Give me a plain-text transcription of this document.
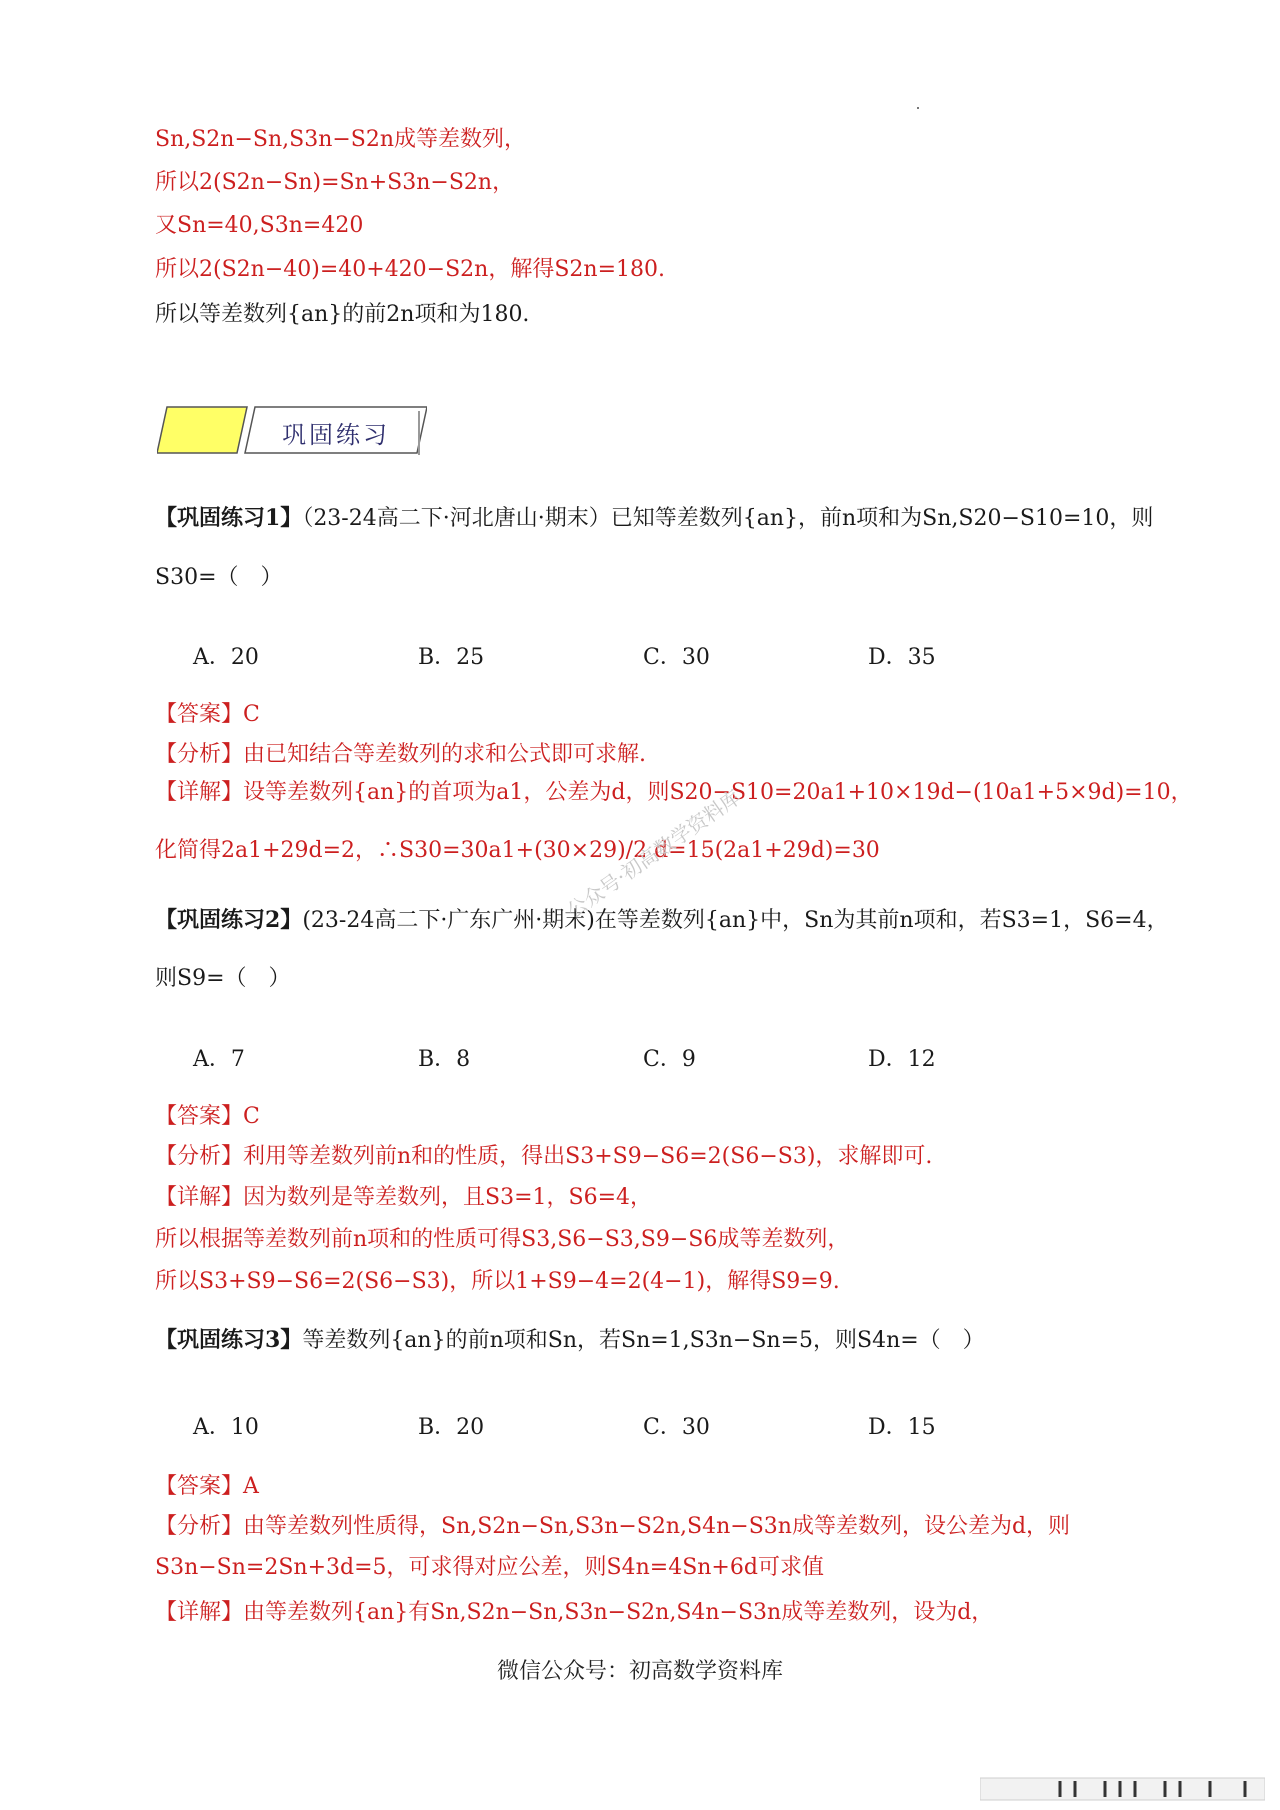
Sn,S2n−Sn,S3n−S2n成等差数列，
所以2(S2n−Sn)=Sn+S3n−S2n，
又Sn=40,S3n=420
所以2(S2n−40)=40+420−S2n，解得S2n=180.
所以等差数列{an}的前2n项和为180.
巩固练习
【巩固练习1】（23-24高二下·河北唐山·期末）已知等差数列{an}，前n项和为Sn,S20−S10=10，则
S30=（　）
A．20	B．25	C．30	D．35
【答案】C
【分析】由已知结合等差数列的求和公式即可求解.
【详解】设等差数列{an}的首项为a1，公差为d，则S20−S10=20a1+10×19d−(10a1+5×9d)=10，
化简得2a1+29d=2，∴S30=30a1+(30×29)/2 d=15(2a1+29d)=30
【巩固练习2】(23-24高二下·广东广州·期末)在等差数列{an}中，Sn为其前n项和，若S3=1，S6=4，
则S9=（　）
A．7	B．8	C．9	D．12
【答案】C
【分析】利用等差数列前n和的性质，得出S3+S9−S6=2(S6−S3)，求解即可.
【详解】因为数列是等差数列，且S3=1，S6=4，
所以根据等差数列前n项和的性质可得S3,S6−S3,S9−S6成等差数列，
所以S3+S9−S6=2(S6−S3)，所以1+S9−4=2(4−1)，解得S9=9.
【巩固练习3】等差数列{an}的前n项和Sn，若Sn=1,S3n−Sn=5，则S4n=（　）
A．10	B．20	C．30	D．15
【答案】A
【分析】由等差数列性质得，Sn,S2n−Sn,S3n−S2n,S4n−S3n成等差数列，设公差为d，则
S3n−Sn=2Sn+3d=5，可求得对应公差，则S4n=4Sn+6d可求值
【详解】由等差数列{an}有Sn,S2n−Sn,S3n−S2n,S4n−S3n成等差数列，设为d，
公众号·初高数学资料库
微信公众号：初高数学资料库
